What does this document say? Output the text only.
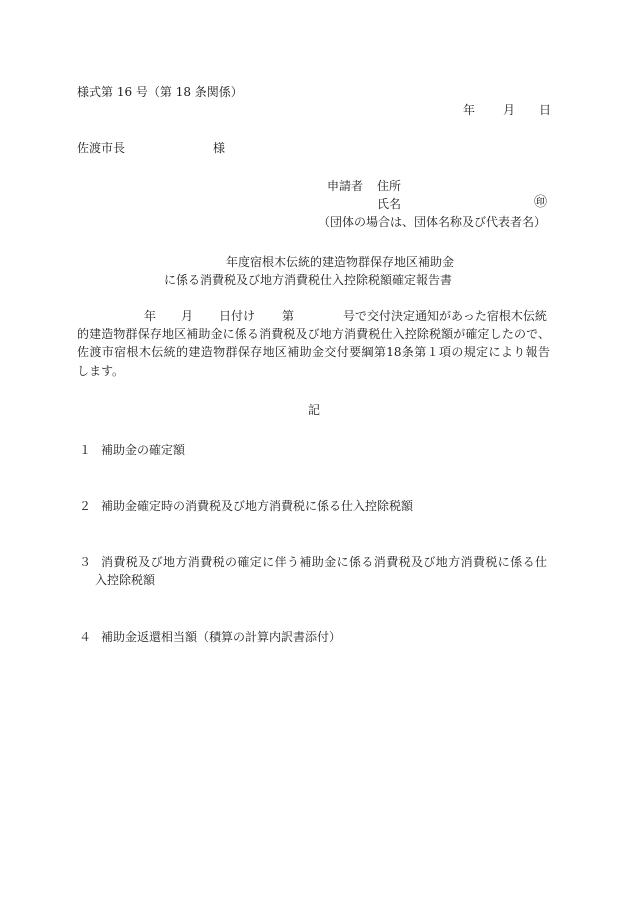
様式第 16 号（第 18 条関係）
年 月 日
佐渡市長	様
申請者 住所
氏名	㊞
（団体の場合は、団体名称及び代表者名）
年度宿根木伝統的建造物群保存地区補助金
に係る消費税及び地方消費税仕入控除税額確定報告書
年 月 日付け 第	号で交付決定通知があった宿根木伝統
的建造物群保存地区補助金に係る消費税及び地方消費税仕入控除税額が確定したので、
佐渡市宿根木伝統的建造物群保存地区補助金交付要綱第18条第１項の規定により報告
します。
記
１ 補助金の確定額
２ 補助金確定時の消費税及び地方消費税に係る仕入控除税額
３ 消費税及び地方消費税の確定に伴う補助金に係る消費税及び地方消費税に係る仕
入控除税額
４ 補助金返還相当額（積算の計算内訳書添付）
